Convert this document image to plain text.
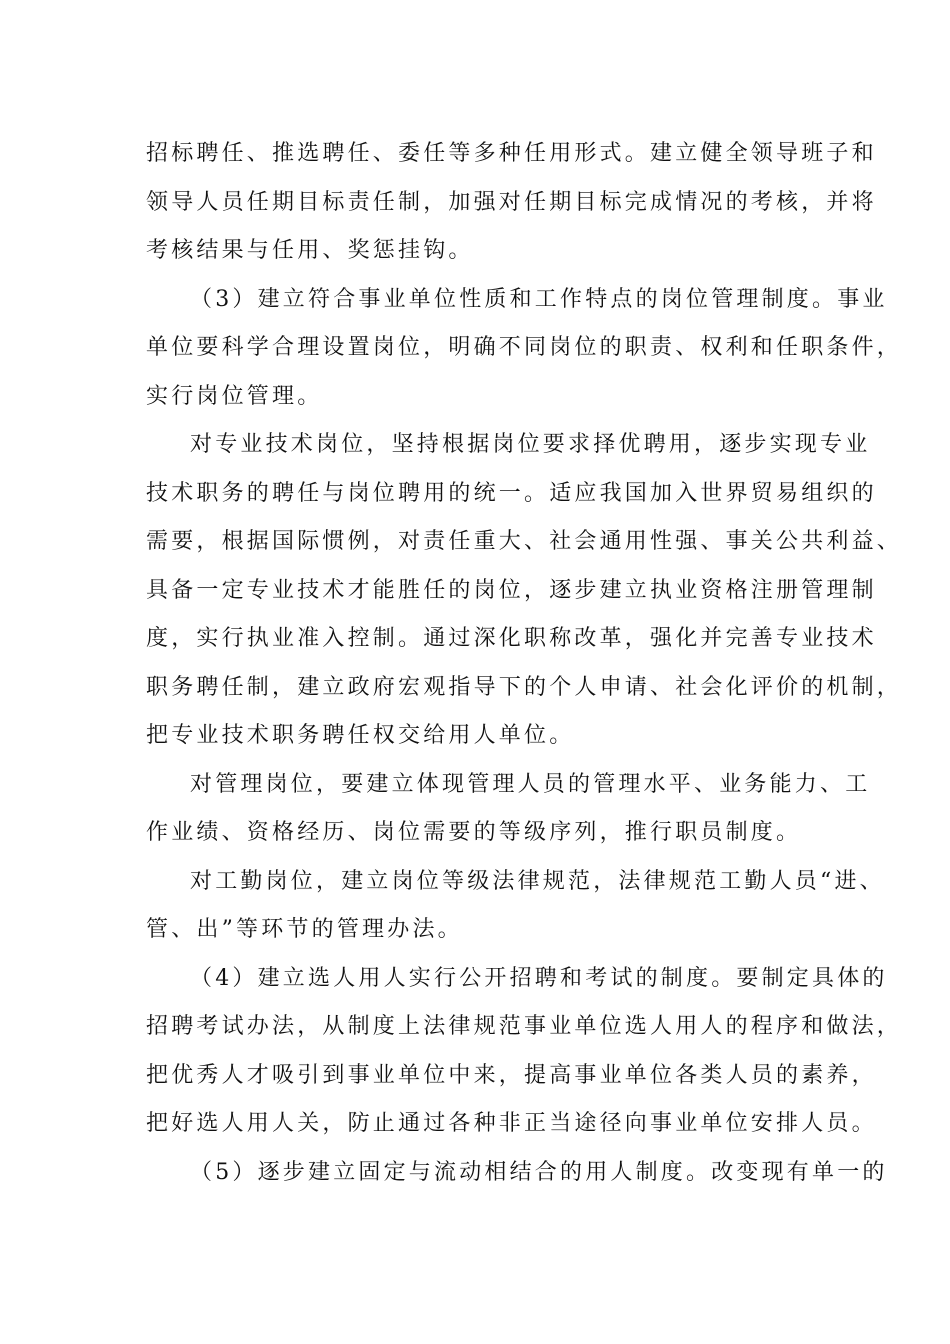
招标聘任、推选聘任、委任等多种任用形式。建立健全领导班子和
领导人员任期目标责任制，加强对任期目标完成情况的考核，并将
考核结果与任用、奖惩挂钩。
（3）建立符合事业单位性质和工作特点的岗位管理制度。事业
单位要科学合理设置岗位，明确不同岗位的职责、权利和任职条件，
实行岗位管理。
对专业技术岗位，坚持根据岗位要求择优聘用，逐步实现专业
技术职务的聘任与岗位聘用的统一。适应我国加入世界贸易组织的
需要，根据国际惯例，对责任重大、社会通用性强、事关公共利益、
具备一定专业技术才能胜任的岗位，逐步建立执业资格注册管理制
度，实行执业准入控制。通过深化职称改革，强化并完善专业技术
职务聘任制，建立政府宏观指导下的个人申请、社会化评价的机制，
把专业技术职务聘任权交给用人单位。
对管理岗位，要建立体现管理人员的管理水平、业务能力、工
作业绩、资格经历、岗位需要的等级序列，推行职员制度。
对工勤岗位，建立岗位等级法律规范，法律规范工勤人员“进、
管、出”等环节的管理办法。
（4）建立选人用人实行公开招聘和考试的制度。要制定具体的
招聘考试办法，从制度上法律规范事业单位选人用人的程序和做法，
把优秀人才吸引到事业单位中来，提高事业单位各类人员的素养，
把好选人用人关，防止通过各种非正当途径向事业单位安排人员。
（5）逐步建立固定与流动相结合的用人制度。改变现有单一的
